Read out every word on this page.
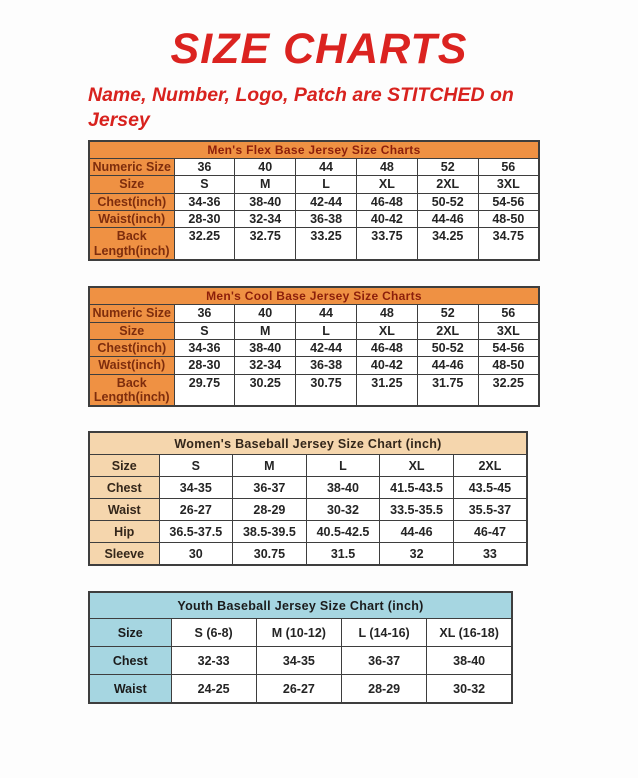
SIZE CHARTS
Name, Number, Logo, Patch are STITCHED on Jersey
Men's Flex Base Jersey Size Charts						
Numeric Size	36	40	44	48	52	56
Size	S	M	L	XL	2XL	3XL
Chest(inch)	34-36	38-40	42-44	46-48	50-52	54-56
Waist(inch)	28-30	32-34	36-38	40-42	44-46	48-50
Back Length(inch)	32.25	32.75	33.25	33.75	34.25	34.75
Men's Cool Base Jersey Size Charts						
Numeric Size	36	40	44	48	52	56
Size	S	M	L	XL	2XL	3XL
Chest(inch)	34-36	38-40	42-44	46-48	50-52	54-56
Waist(inch)	28-30	32-34	36-38	40-42	44-46	48-50
Back Length(inch)	29.75	30.25	30.75	31.25	31.75	32.25
Women's Baseball Jersey Size Chart (inch)					
Size	S	M	L	XL	2XL
Chest	34-35	36-37	38-40	41.5-43.5	43.5-45
Waist	26-27	28-29	30-32	33.5-35.5	35.5-37
Hip	36.5-37.5	38.5-39.5	40.5-42.5	44-46	46-47
Sleeve	30	30.75	31.5	32	33
Youth Baseball Jersey Size Chart (inch)				
Size	S (6-8)	M (10-12)	L (14-16)	XL (16-18)
Chest	32-33	34-35	36-37	38-40
Waist	24-25	26-27	28-29	30-32
